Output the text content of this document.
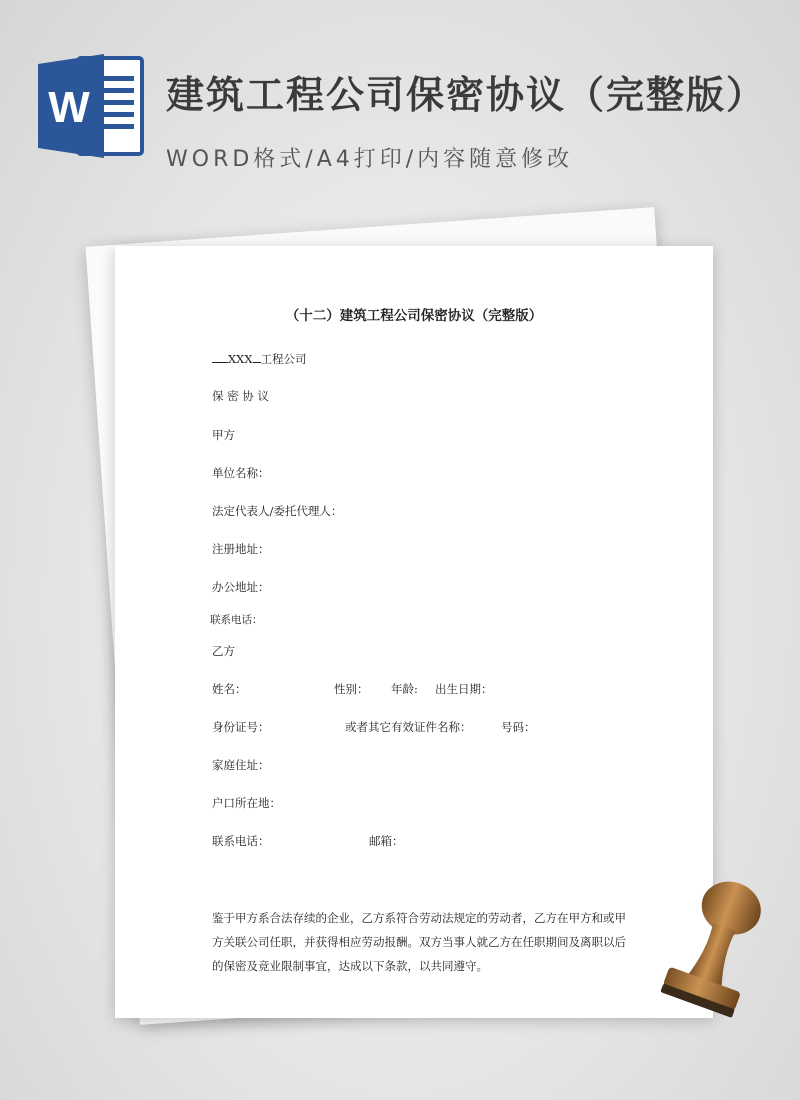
W 建筑工程公司保密协议（完整版）
WORD格式/A4打印/内容随意修改
（十二）建筑工程公司保密协议（完整版）
XXX 工程公司
保 密 协 议
甲方
单位名称：
法定代表人/委托代理人：
注册地址：
办公地址：
联系电话：
乙方
姓名：	性别： 年龄: 出生日期：
身份证号：	或者其它有效证件名称：	号码：
家庭住址：
户口所在地：
联系电话：	邮箱：
鉴于甲方系合法存续的企业，乙方系符合劳动法规定的劳动者，乙方在甲方和或甲方关联公司任职，并获得相应劳动报酬。双方当事人就乙方在任职期间及离职以后的保密及竞业限制事宜，达成以下条款，以共同遵守。
